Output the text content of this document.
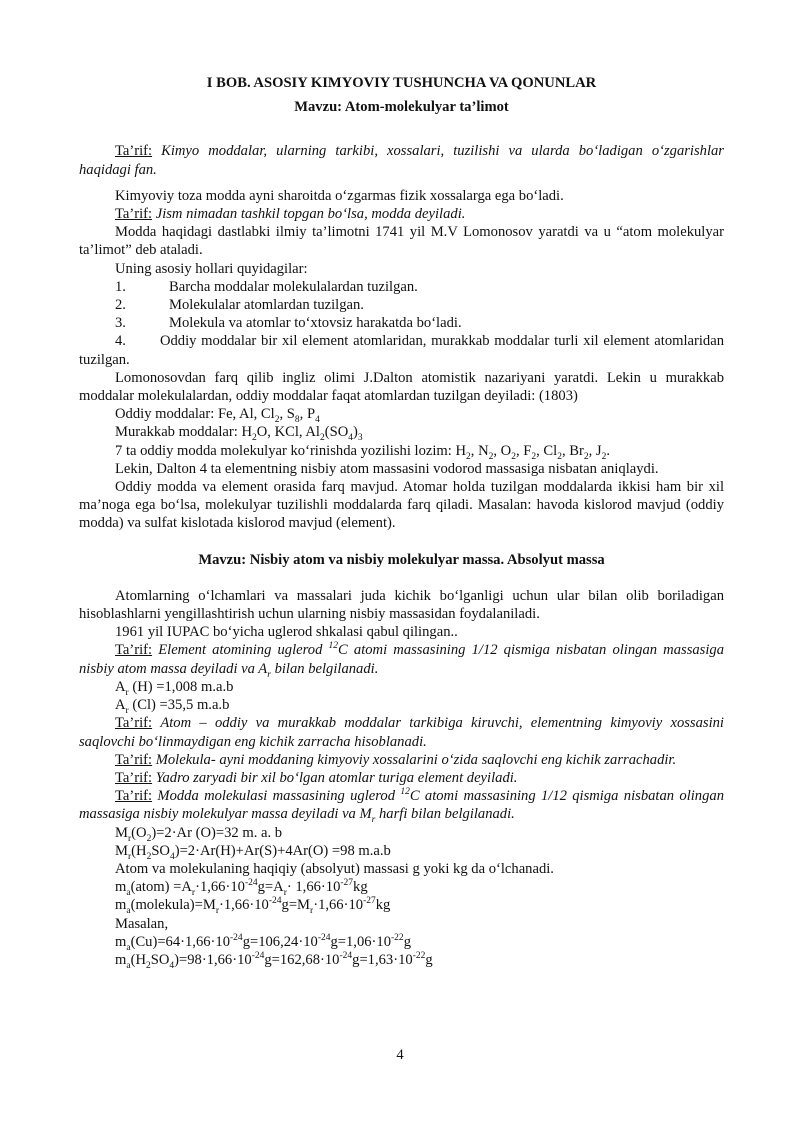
I BOB. ASOSIY KIMYOVIY TUSHUNCHA VA QONUNLAR

Mavzu: Atom-molekulyar ta’limot

Ta’rif: Kimyo moddalar, ularning tarkibi, xossalari, tuzilishi va ularda bo‘ladigan o‘zgarishlar haqidagi fan.

Kimyoviy toza modda ayni sharoitda o‘zgarmas fizik xossalarga ega bo‘ladi.

Ta’rif: Jism nimadan tashkil topgan bo‘lsa, modda deyiladi.

Modda haqidagi dastlabki ilmiy ta’limotni 1741 yil M.V Lomonosov yaratdi va u “atom molekulyar ta’limot” deb ataladi.

Uning asosiy hollari quyidagilar:

1.	Barcha moddalar molekulalardan tuzilgan.
2.	Molekulalar atomlardan tuzilgan.
3.	Molekula va atomlar to‘xtovsiz harakatda bo‘ladi.

4. Oddiy moddalar bir xil element atomlaridan, murakkab moddalar turli xil element atomlaridan tuzilgan.

Lomonosovdan farq qilib ingliz olimi J.Dalton atomistik nazariyani yaratdi. Lekin u murakkab moddalar molekulalardan, oddiy moddalar faqat atomlardan tuzilgan deyiladi: (1803)

Oddiy moddalar: Fe, Al, $Cl_2$, $S_8$, $P_4$

Murakkab moddalar: $H_2O$, KCl, $Al_2(SO_4)_3$

7 ta oddiy modda molekulyar ko‘rinishda yozilishi lozim: $H_2$, $N_2$, $O_2$, $F_2$, $Cl_2$, $Br_2$, $J_2$.

Lekin, Dalton 4 ta elementning nisbiy atom massasini vodorod massasiga nisbatan aniqlaydi.

Oddiy modda va element orasida farq mavjud. Atomar holda tuzilgan moddalarda ikkisi ham bir xil ma’noga ega bo‘lsa, molekulyar tuzilishli moddalarda farq qiladi. Masalan: havoda kislorod mavjud (oddiy modda) va sulfat kislotada kislorod mavjud (element).

Mavzu: Nisbiy atom va nisbiy molekulyar massa. Absolyut massa

Atomlarning o‘lchamlari va massalari juda kichik bo‘lganligi uchun ular bilan olib boriladigan hisoblashlarni yengillashtirish uchun ularning nisbiy massasidan foydalaniladi.

1961 yil IUPAC bo‘yicha uglerod shkalasi qabul qilingan..

Ta’rif: Element atomining uglerod $^{12}$C atomi massasining 1/12 qismiga nisbatan olingan massasiga nisbiy atom massa deyiladi va $A_r$ bilan belgilanadi.

$A_r$ (H) =1,008 m.a.b

$A_r$ (Cl) =35,5 m.a.b

Ta’rif: Atom – oddiy va murakkab moddalar tarkibiga kiruvchi, elementning kimyoviy xossasini saqlovchi bo‘linmaydigan eng kichik zarracha hisoblanadi.

Ta’rif: Molekula- ayni moddaning kimyoviy xossalarini o‘zida saqlovchi eng kichik zarrachadir.

Ta’rif: Yadro zaryadi bir xil bo‘lgan atomlar turiga element deyiladi.

Ta’rif: Modda molekulasi massasining uglerod $^{12}$C atomi massasining 1/12 qismiga nisbatan olingan massasiga nisbiy molekulyar massa deyiladi va $M_r$ harfi bilan belgilanadi.

$M_r(O_2)=2\cdot Ar$ (O)=32 m. a. b

$M_r(H_2SO_4)=2\cdot Ar(H)+Ar(S)+4Ar(O) =98$ m.a.b

Atom va molekulaning haqiqiy (absolyut) massasi g yoki kg da o‘lchanadi.

$m_a(atom) =A_r\cdot 1,66\cdot 10^{-24}g=A_r\cdot 1,66\cdot 10^{-27}kg$

$m_a(molekula)=M_r\cdot 1,66\cdot 10^{-24}g=M_r\cdot 1,66\cdot 10^{-27}kg$

Masalan,

$m_a(Cu)=64\cdot 1,66\cdot 10^{-24}g=106,24\cdot 10^{-24}g=1,06\cdot 10^{-22}g$

$m_a(H_2SO_4)=98\cdot 1,66\cdot 10^{-24}g=162,68\cdot 10^{-24}g=1,63\cdot 10^{-22}g$

4
